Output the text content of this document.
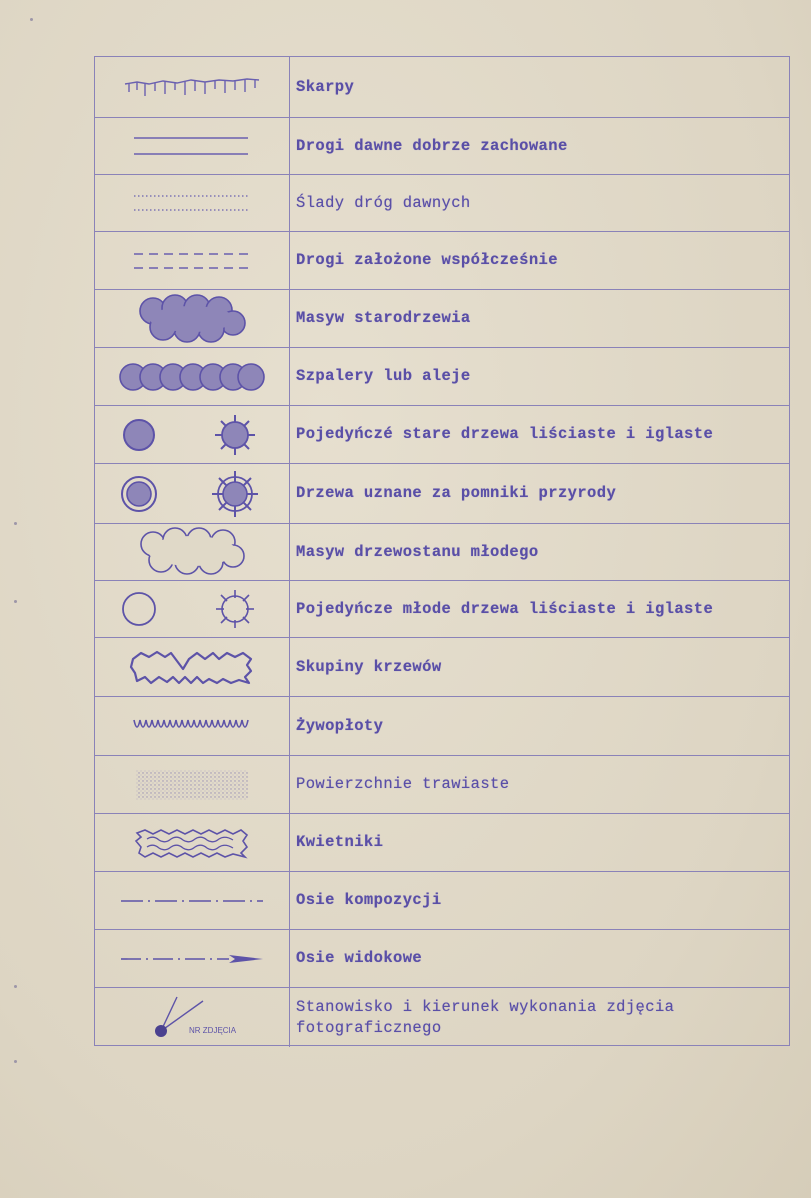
Skarpy
Drogi dawne dobrze zachowane
Ślady dróg dawnych
Drogi założone współcześnie
Masyw starodrzewia
Szpalery lub aleje
Pojedyńczé stare drzewa liściaste i iglaste
Drzewa uznane za pomniki przyrody
Masyw drzewostanu młodego
Pojedyńcze młode drzewa liściaste i iglaste
Skupiny krzewów
Żywopłoty
Powierzchnie trawiaste
Kwietniki
Osie kompozycji
Osie widokowe
NR ZDJĘCIA
Stanowisko i kierunek wykonania zdjęcia fotograficznego
